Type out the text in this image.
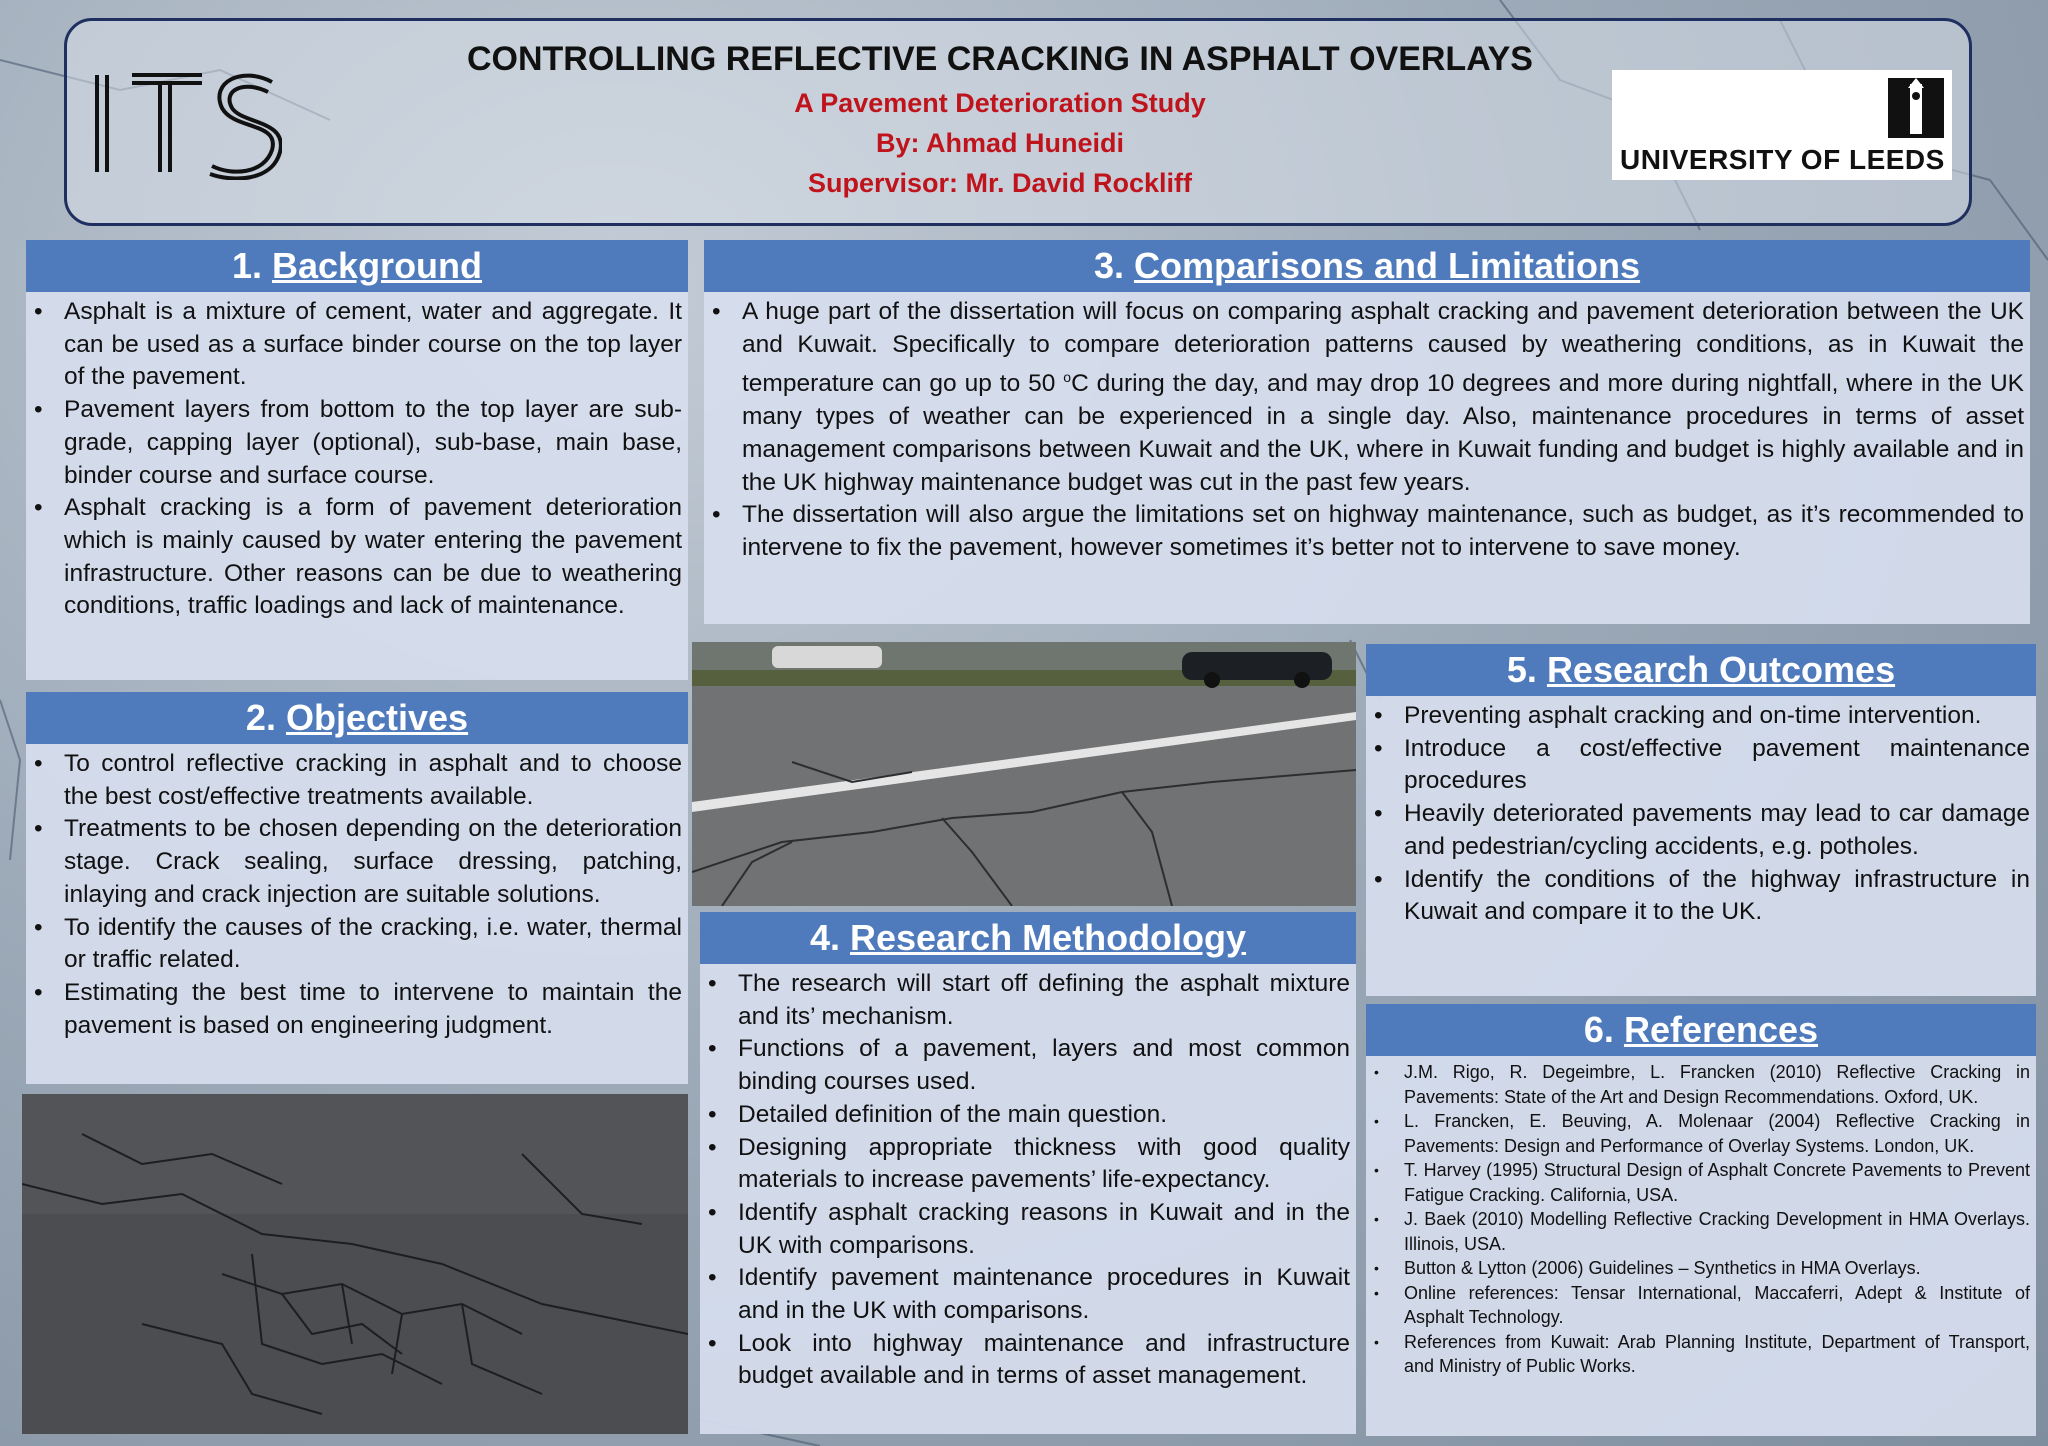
CONTROLLING REFLECTIVE CRACKING IN ASPHALT OVERLAYS
A Pavement Deterioration Study
By: Ahmad Huneidi
Supervisor: Mr. David Rockliff
UNIVERSITY OF LEEDS
1. Background
• Asphalt is a mixture of cement, water and aggregate. It can be used as a surface binder course on the top layer of the pavement.
• Pavement layers from bottom to the top layer are sub-grade, capping layer (optional), sub-base, main base, binder course and surface course.
• Asphalt cracking is a form of pavement deterioration which is mainly caused by water entering the pavement infrastructure. Other reasons can be due to weathering conditions, traffic loadings and lack of maintenance.
2. Objectives
• To control reflective cracking in asphalt and to choose the best cost/effective treatments available.
• Treatments to be chosen depending on the deterioration stage. Crack sealing, surface dressing, patching, inlaying and crack injection are suitable solutions.
• To identify the causes of the cracking, i.e. water, thermal or traffic related.
• Estimating the best time to intervene to maintain the pavement is based on engineering judgment.
3. Comparisons and Limitations
• A huge part of the dissertation will focus on comparing asphalt cracking and pavement deterioration between the UK and Kuwait. Specifically to compare deterioration patterns caused by weathering conditions, as in Kuwait the temperature can go up to 50 $^o$C during the day, and may drop 10 degrees and more during nightfall, where in the UK many types of weather can be experienced in a single day. Also, maintenance procedures in terms of asset management comparisons between Kuwait and the UK, where in Kuwait funding and budget is highly available and in the UK highway maintenance budget was cut in the past few years.
• The dissertation will also argue the limitations set on highway maintenance, such as budget, as it’s recommended to intervene to fix the pavement, however sometimes it’s better not to intervene to save money.
4. Research Methodology
• The research will start off defining the asphalt mixture and its’ mechanism.
• Functions of a pavement, layers and most common binding courses used.
• Detailed definition of the main question.
• Designing appropriate thickness with good quality materials to increase pavements’ life-expectancy.
• Identify asphalt cracking reasons in Kuwait and in the UK with comparisons.
• Identify pavement maintenance procedures in Kuwait and in the UK with comparisons.
• Look into highway maintenance and infrastructure budget available and in terms of asset management.
5. Research Outcomes
• Preventing asphalt cracking and on-time intervention.
• Introduce a cost/effective pavement maintenance procedures
• Heavily deteriorated pavements may lead to car damage and pedestrian/cycling accidents, e.g. potholes.
• Identify the conditions of the highway infrastructure in Kuwait and compare it to the UK.
6. References
• J.M. Rigo, R. Degeimbre, L. Francken (2010) Reflective Cracking in Pavements: State of the Art and Design Recommendations. Oxford, UK.
• L. Francken, E. Beuving, A. Molenaar (2004) Reflective Cracking in Pavements: Design and Performance of Overlay Systems. London, UK.
• T. Harvey (1995) Structural Design of Asphalt Concrete Pavements to Prevent Fatigue Cracking. California, USA.
• J. Baek (2010) Modelling Reflective Cracking Development in HMA Overlays. Illinois, USA.
• Button & Lytton (2006) Guidelines – Synthetics in HMA Overlays.
• Online references: Tensar International, Maccaferri, Adept & Institute of Asphalt Technology.
• References from Kuwait: Arab Planning Institute, Department of Transport, and Ministry of Public Works.
